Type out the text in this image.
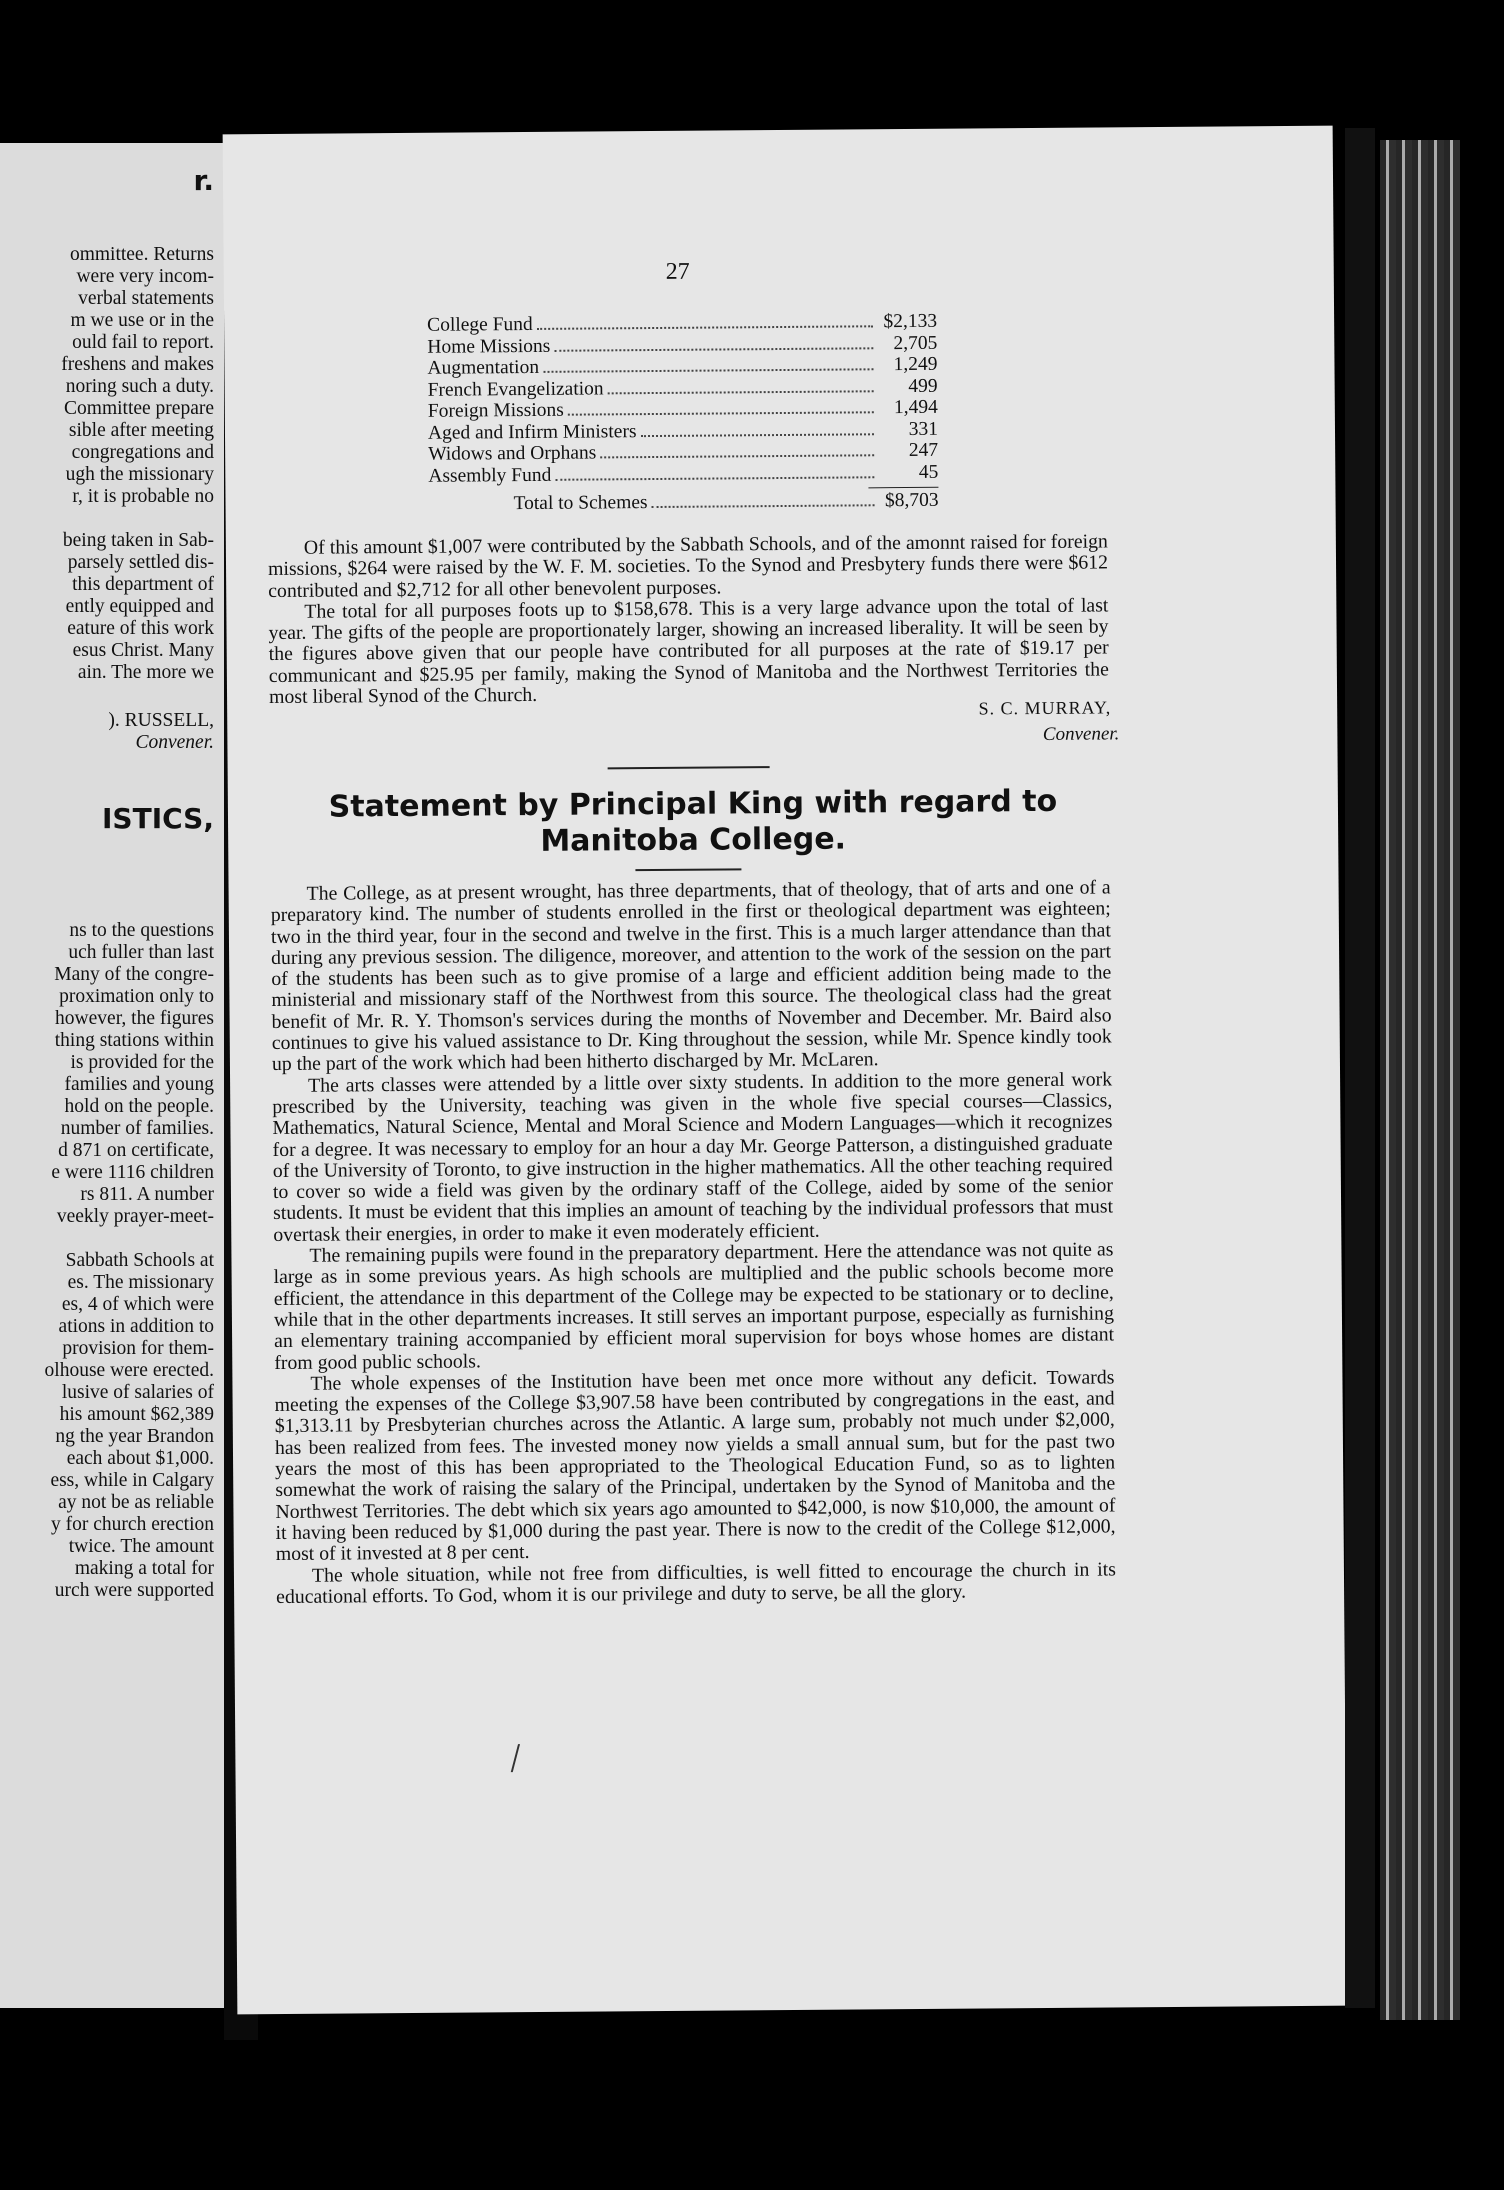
r.
ommittee. Returns
were very incom-
verbal statements
m we use or in the
ould fail to report.
freshens and makes
noring such a duty.
Committee prepare
sible after meeting
congregations and
ugh the missionary
r, it is probable no
being taken in Sab-
parsely settled dis-
this department of
ently equipped and
eature of this work
esus Christ. Many
ain. The more we
). RUSSELL,
Convener.
ISTICS,
ns to the questions
uch fuller than last
Many of the congre-
proximation only to
however, the figures
thing stations within
is provided for the
families and young
hold on the people.
number of families.
d 871 on certificate,
e were 1116 children
rs 811. A number
veekly prayer-meet-
Sabbath Schools at
es. The missionary
es, 4 of which were
ations in addition to
provision for them-
olhouse were erected.
lusive of salaries of
his amount $62,389
ng the year Brandon
each about $1,000.
ess, while in Calgary
ay not be as reliable
y for church erection
twice. The amount
making a total for
urch were supported
27
College Fund	$2,133
Home Missions	2,705
Augmentation	1,249
French Evangelization	499
Foreign Missions	1,494
Aged and Infirm Ministers	331
Widows and Orphans	247
Assembly Fund	45
Total to Schemes	$8,703

Of this amount $1,007 were contributed by the Sabbath Schools, and of the amonnt raised for foreign missions, $264 were raised by the W. F. M. societies. To the Synod and Presbytery funds there were $612 contributed and $2,712 for all other benevolent purposes.

The total for all purposes foots up to $158,678. This is a very large advance upon the total of last year. The gifts of the people are proportionately larger, showing an increased liberality. It will be seen by the figures above given that our people have contributed for all purposes at the rate of $19.17 per communicant and $25.95 per family, making the Synod of Manitoba and the Northwest Territories the most liberal Synod of the Church.	S. C. MURRAY,
Convener.
Statement by Principal King with regard to
Manitoba College.

The College, as at present wrought, has three departments, that of theology, that of arts and one of a preparatory kind. The number of students enrolled in the first or theological department was eighteen; two in the third year, four in the second and twelve in the first. This is a much larger attendance than that during any previous session. The diligence, moreover, and attention to the work of the session on the part of the students has been such as to give promise of a large and efficient addition being made to the ministerial and missionary staff of the Northwest from this source. The theological class had the great benefit of Mr. R. Y. Thomson's services during the months of November and December. Mr. Baird also continues to give his valued assistance to Dr. King throughout the session, while Mr. Spence kindly took up the part of the work which had been hitherto discharged by Mr. McLaren.

The arts classes were attended by a little over sixty students. In addition to the more general work prescribed by the University, teaching was given in the whole five special courses—Classics, Mathematics, Natural Science, Mental and Moral Science and Modern Languages—which it recognizes for a degree. It was necessary to employ for an hour a day Mr. George Patterson, a distinguished graduate of the University of Toronto, to give instruction in the higher mathematics. All the other teaching required to cover so wide a field was given by the ordinary staff of the College, aided by some of the senior students. It must be evident that this implies an amount of teaching by the individual professors that must overtask their energies, in order to make it even moderately efficient.

The remaining pupils were found in the preparatory department. Here the attendance was not quite as large as in some previous years. As high schools are multiplied and the public schools become more efficient, the attendance in this department of the College may be expected to be stationary or to decline, while that in the other departments increases. It still serves an important purpose, especially as furnishing an elementary training accompanied by efficient moral supervision for boys whose homes are distant from good public schools.

The whole expenses of the Institution have been met once more without any deficit. Towards meeting the expenses of the College $3,907.58 have been contributed by congregations in the east, and $1,313.11 by Presbyterian churches across the Atlantic. A large sum, probably not much under $2,000, has been realized from fees. The invested money now yields a small annual sum, but for the past two years the most of this has been appropriated to the Theological Education Fund, so as to lighten somewhat the work of raising the salary of the Principal, undertaken by the Synod of Manitoba and the Northwest Territories. The debt which six years ago amounted to $42,000, is now $10,000, the amount of it having been reduced by $1,000 during the past year. There is now to the credit of the College $12,000, most of it invested at 8 per cent.

The whole situation, while not free from difficulties, is well fitted to encourage the church in its educational efforts. To God, whom it is our privilege and duty to serve, be all the glory.
